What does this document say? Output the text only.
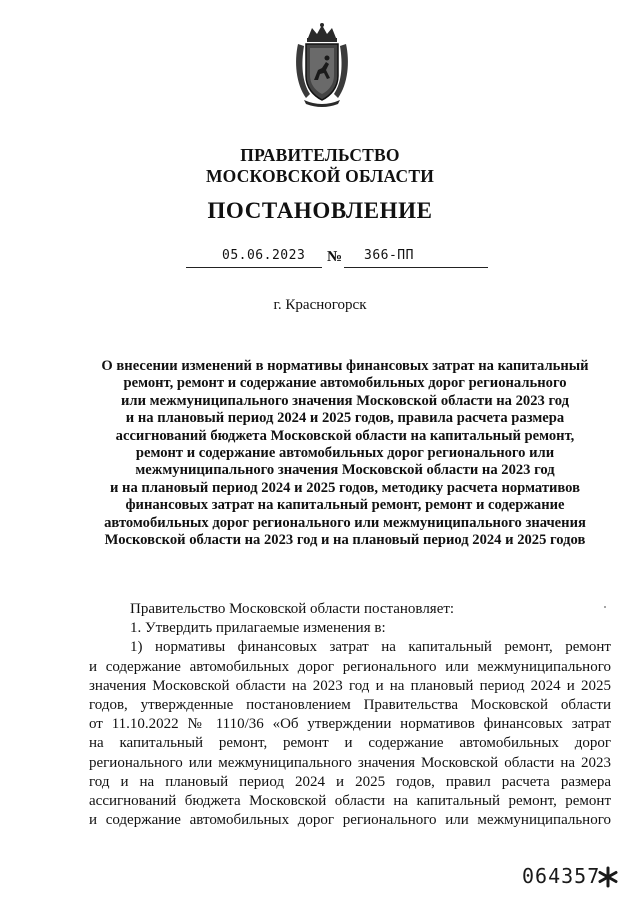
ПРАВИТЕЛЬСТВО
МОСКОВСКОЙ ОБЛАСТИ
ПОСТАНОВЛЕНИЕ
05.06.2023 № 366-ПП
г. Красногорск
О внесении изменений в нормативы финансовых затрат на капитальный
ремонт, ремонт и содержание автомобильных дорог регионального
или межмуниципального значения Московской области на 2023 год
и на плановый период 2024 и 2025 годов, правила расчета размера
ассигнований бюджета Московской области на капитальный ремонт,
ремонт и содержание автомобильных дорог регионального или
межмуниципального значения Московской области на 2023 год
и на плановый период 2024 и 2025 годов, методику расчета нормативов
финансовых затрат на капитальный ремонт, ремонт и содержание
автомобильных дорог регионального или межмуниципального значения
Московской области на 2023 год и на плановый период 2024 и 2025 годов
Правительство Московской области постановляет:
1. Утвердить прилагаемые изменения в:
1) нормативы финансовых затрат на капитальный ремонт, ремонт
и содержание автомобильных дорог регионального или межмуниципального
значения Московской области на 2023 год и на плановый период 2024 и 2025
годов, утвержденные постановлением Правительства Московской области
от 11.10.2022 № 1110/36 «Об утверждении нормативов финансовых затрат
на капитальный ремонт, ремонт и содержание автомобильных дорог
регионального или межмуниципального значения Московской области на 2023
год и на плановый период 2024 и 2025 годов, правил расчета размера
ассигнований бюджета Московской области на капитальный ремонт, ремонт
и содержание автомобильных дорог регионального или межмуниципального
064357
